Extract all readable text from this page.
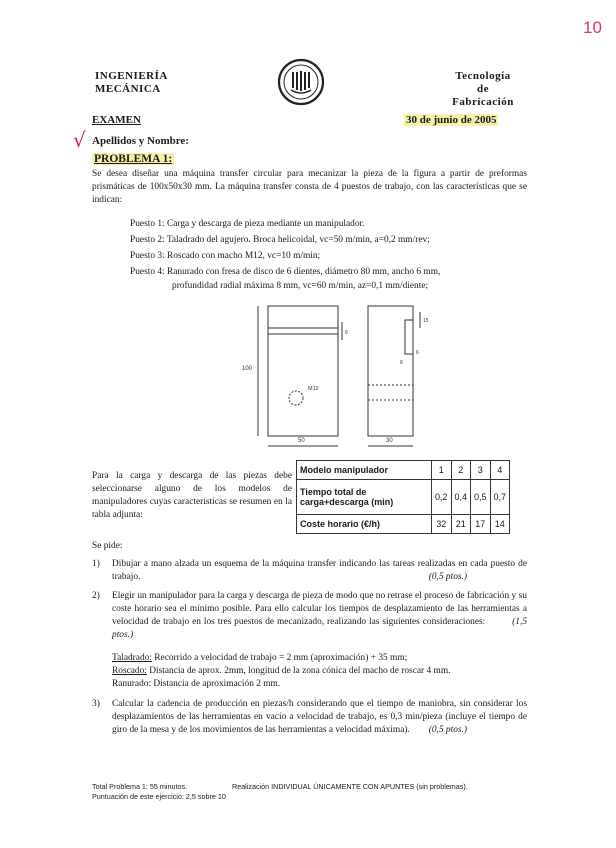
10
INGENIERÍA
MECÁNICA
Tecnología de
Fabricación
EXAMEN	30 de junio de 2005
√ Apellidos y Nombre:
PROBLEMA 1:
Se desea diseñar una máquina transfer circular para mecanizar la pieza de la figura a partir de preformas prismáticas de 100x50x30 mm. La máquina transfer consta de 4 puestos de trabajo, con las características que se indican:
Puesto 1: Carga y descarga de pieza mediante un manipulador.
Puesto 2: Taladrado del agujero. Broca helicoidal, vc=50 m/min, a=0,2 mm/rev;
Puesto 3: Roscado con macho M12, vc=10 m/min;
Puesto 4: Ranurado con fresa de disco de 6 dientes, diámetro 80 mm, ancho 6 mm,
profundidad radial máxima 8 mm, vc=60 m/min, az=0,1 mm/diente;
100
50	30
M12
15
6
6
8
Para la carga y descarga de las piezas debe seleccionarse alguno de los modelos de manipuladores cuyas características se resumen en la tabla adjunta:
Modelo manipulador	1	2	3	4
Tiempo total de carga+descarga (min)	0,2	0,4	0,5	0,7
Coste horario (€/h)	32	21	17	14
Se pide:
1) Dibujar a mano alzada un esquema de la máquina transfer indicando las tareas realizadas en cada puesto de trabajo.	(0,5 ptos.)
2) Elegir un manipulador para la carga y descarga de pieza de modo que no retrase el proceso de fabricación y su coste horario sea el mínimo posible. Para ello calcular los tiempos de desplazamiento de las herramientas a velocidad de trabajo en los tres puestos de mecanizado, realizando las siguientes consideraciones:	(1,5 ptos.)
Taladrado: Recorrido a velocidad de trabajo = 2 mm (aproximación) + 35 mm;
Roscado: Distancia de aprox. 2mm, longitud de la zona cónica del macho de roscar 4 mm.
Ranurado: Distancia de aproximación 2 mm.
3) Calcular la cadencia de producción en piezas/h considerando que el tiempo de maniobra, sin considerar los desplazamientos de las herramientas en vacío a velocidad de trabajo, es 0,3 min/pieza (incluye el tiempo de giro de la mesa y de los movimientos de las herramientas a velocidad máxima). (0,5 ptos.)
Total Problema 1: 55 minutos.	Realización INDIVIDUAL ÚNICAMENTE CON APUNTES (sin problemas).
Puntuación de este ejercicio: 2,5 sobre 10
